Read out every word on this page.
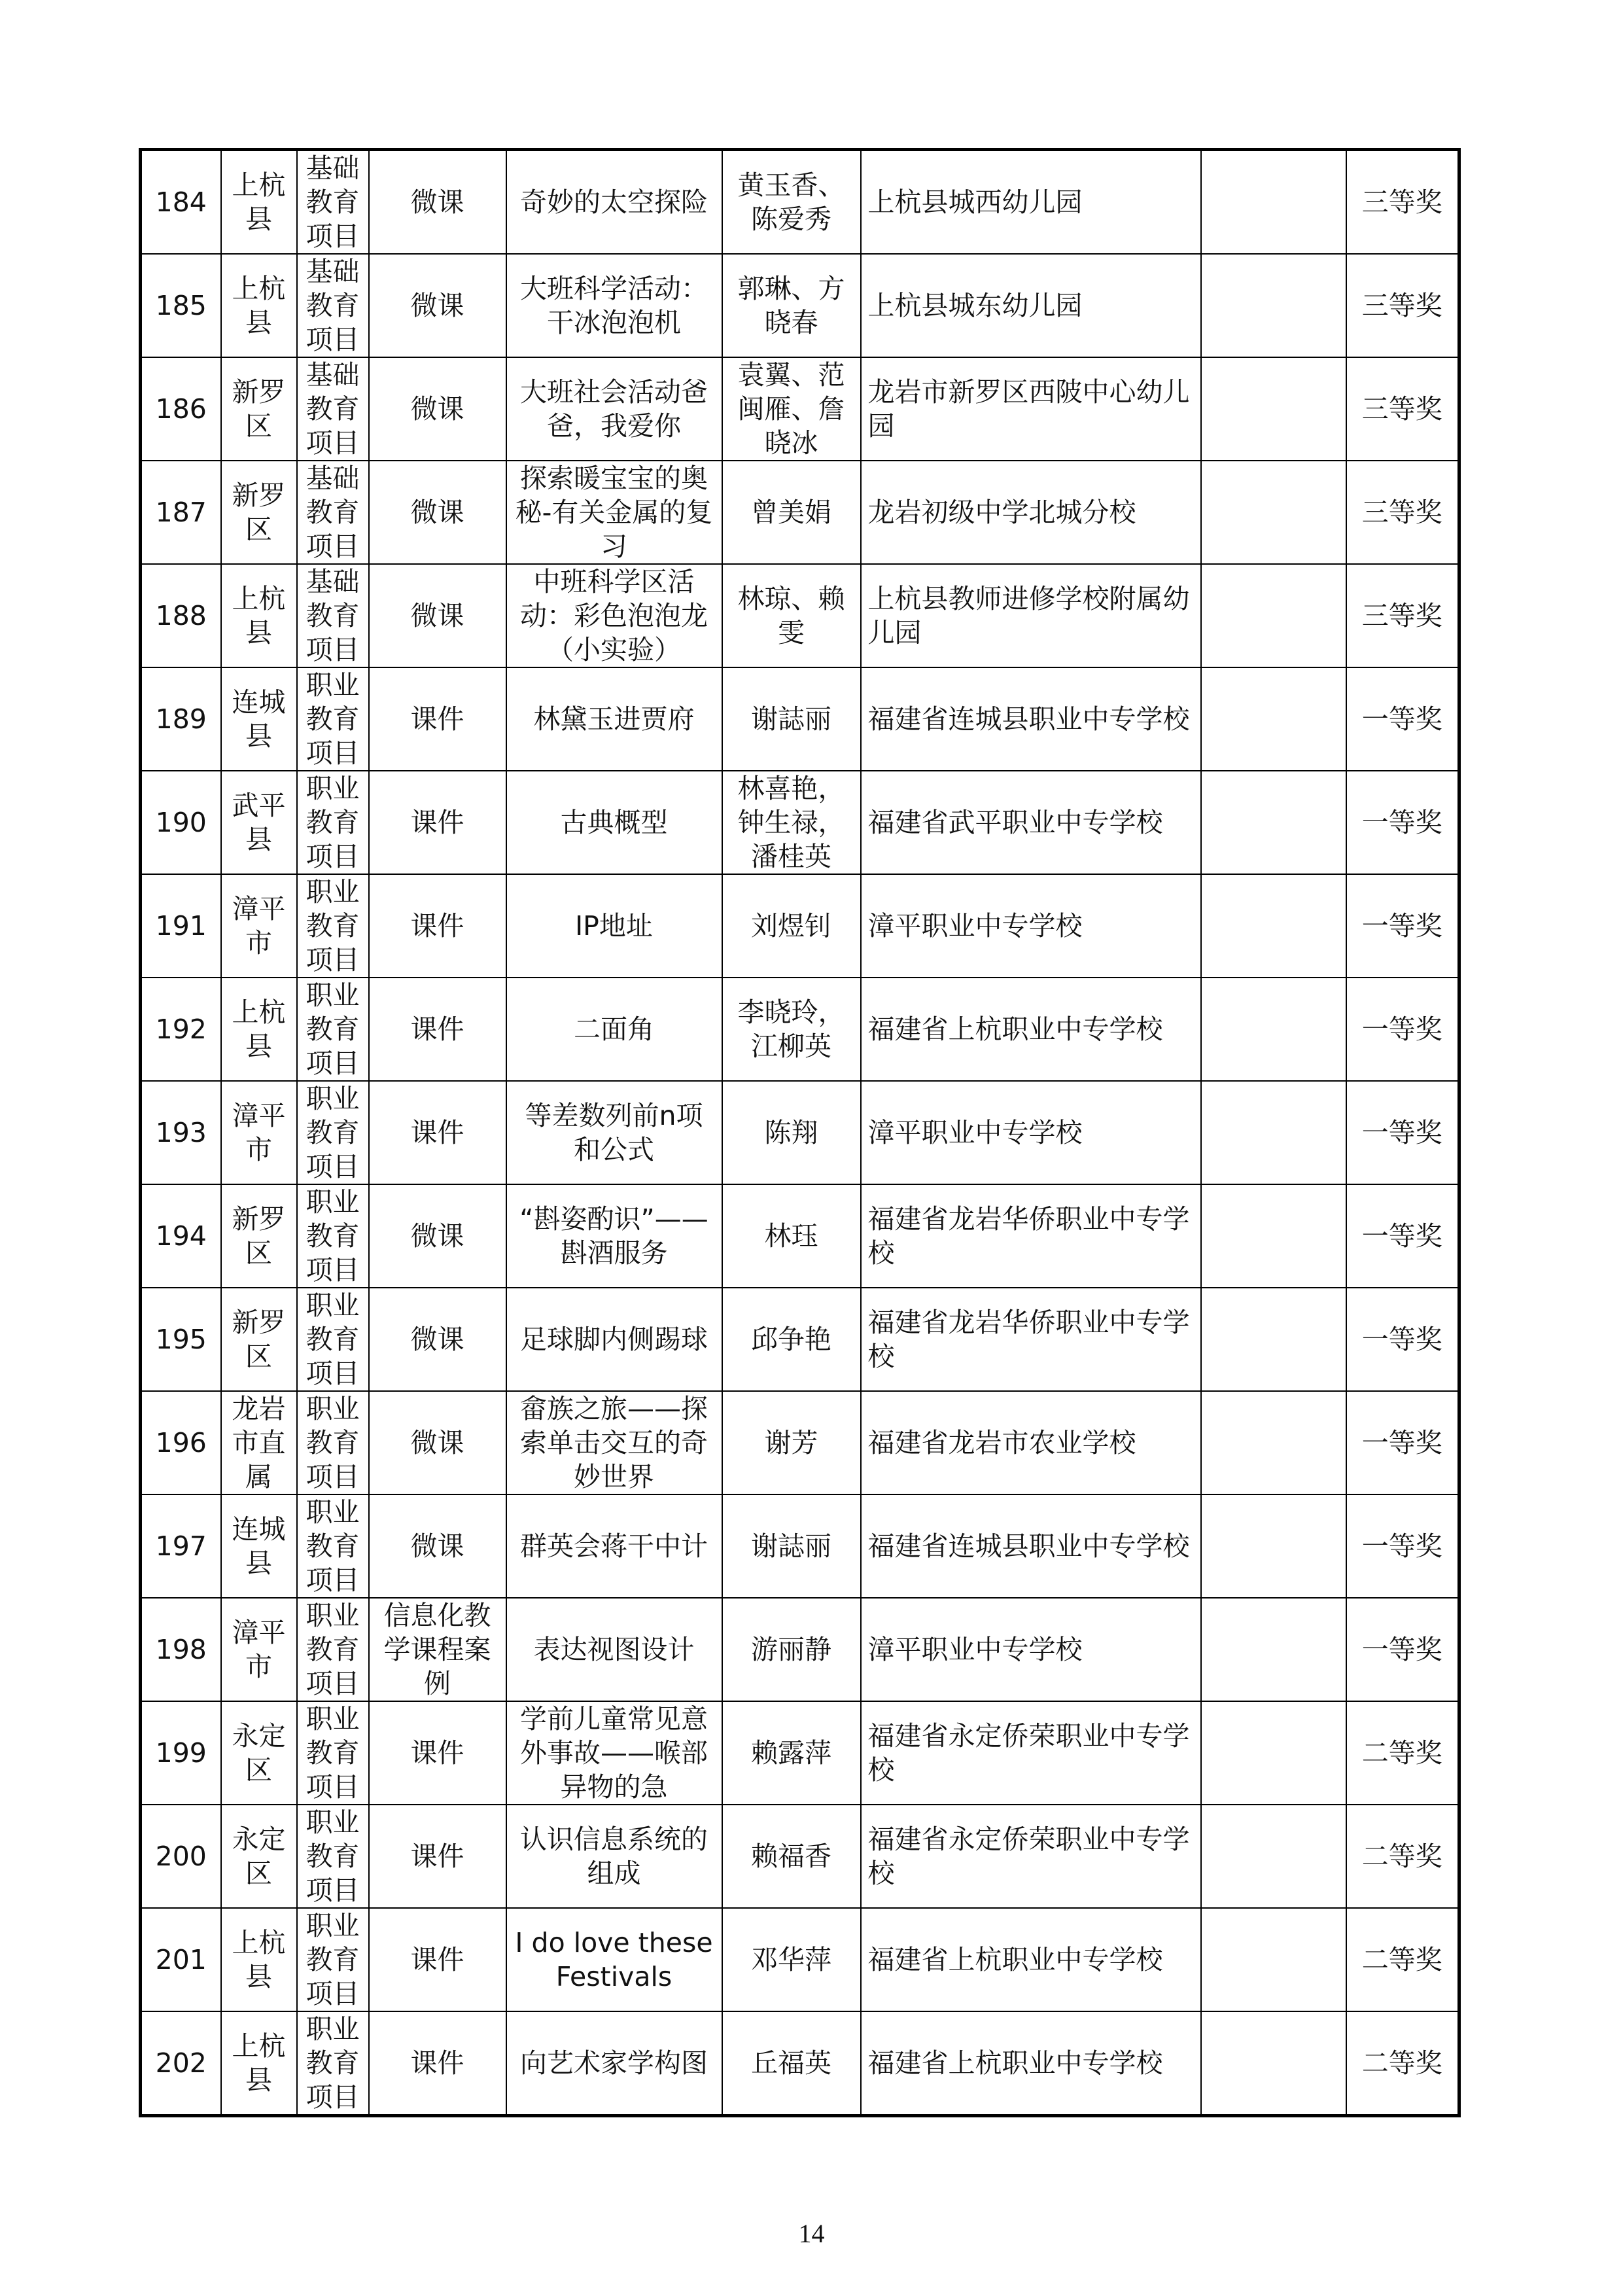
184	上杭县	基础教育项目	微课	奇妙的太空探险	黄玉香、陈爱秀	上杭县城西幼儿园		三等奖
185	上杭县	基础教育项目	微课	大班科学活动：干冰泡泡机	郭琳、方晓春	上杭县城东幼儿园		三等奖
186	新罗区	基础教育项目	微课	大班社会活动爸爸，我爱你	袁翼、范闽雁、詹晓冰	龙岩市新罗区西陂中心幼儿园		三等奖
187	新罗区	基础教育项目	微课	探索暖宝宝的奥秘-有关金属的复习	曾美娟	龙岩初级中学北城分校		三等奖
188	上杭县	基础教育项目	微课	中班科学区活动：彩色泡泡龙（小实验）	林琼、赖雯	上杭县教师进修学校附属幼儿园		三等奖
189	连城县	职业教育项目	课件	林黛玉进贾府	谢誌丽	福建省连城县职业中专学校		一等奖
190	武平县	职业教育项目	课件	古典概型	林喜艳，钟生禄，潘桂英	福建省武平职业中专学校		一等奖
191	漳平市	职业教育项目	课件	IP地址	刘煜钊	漳平职业中专学校		一等奖
192	上杭县	职业教育项目	课件	二面角	李晓玲，江柳英	福建省上杭职业中专学校		一等奖
193	漳平市	职业教育项目	课件	等差数列前n项和公式	陈翔	漳平职业中专学校		一等奖
194	新罗区	职业教育项目	微课	“斟姿酌识”——斟酒服务	林珏	福建省龙岩华侨职业中专学校		一等奖
195	新罗区	职业教育项目	微课	足球脚内侧踢球	邱争艳	福建省龙岩华侨职业中专学校		一等奖
196	龙岩市直属	职业教育项目	微课	畲族之旅——探索单击交互的奇妙世界	谢芳	福建省龙岩市农业学校		一等奖
197	连城县	职业教育项目	微课	群英会蒋干中计	谢誌丽	福建省连城县职业中专学校		一等奖
198	漳平市	职业教育项目	信息化教学课程案例	表达视图设计	游丽静	漳平职业中专学校		一等奖
199	永定区	职业教育项目	课件	学前儿童常见意外事故——喉部异物的急	赖露萍	福建省永定侨荣职业中专学校		二等奖
200	永定区	职业教育项目	课件	认识信息系统的组成	赖福香	福建省永定侨荣职业中专学校		二等奖
201	上杭县	职业教育项目	课件	I do love these Festivals	邓华萍	福建省上杭职业中专学校		二等奖
202	上杭县	职业教育项目	课件	向艺术家学构图	丘福英	福建省上杭职业中专学校		二等奖
14
